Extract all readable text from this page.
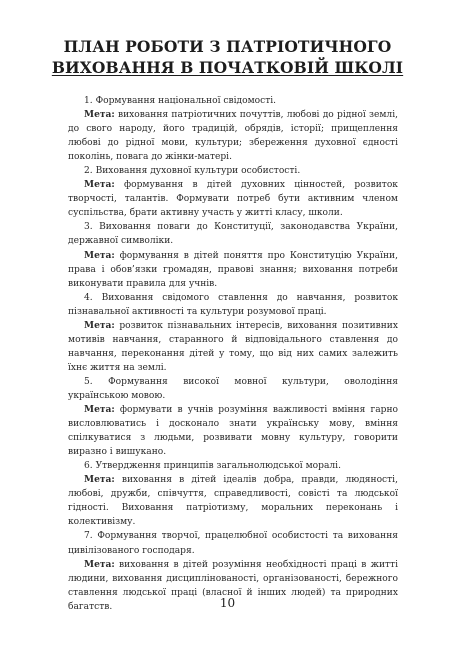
ПЛАН РОБОТИ З ПАТРІОТИЧНОГО
ВИХОВАННЯ В ПОЧАТКОВІЙ ШКОЛІ

1. Формування національної свідомості.

Мета: виховання патріотичних почуттів, любові до рідної землі, до свого народу, його традицій, обрядів, історії; прищеплення любові до рідної мови, культури; збереження духовної єдності поколінь, повага до жінки-матері.

2. Виховання духовної культури особистості.

Мета: формування в дітей духовних цінностей, розвиток творчості, талантів. Формувати потреб бути активним членом суспільства, брати активну участь у житті класу, школи.

3. Виховання поваги до Конституції, законодавства України, державної символіки.

Мета: формування в дітей поняття про Конституцію України, права і обов’язки громадян, правові знання; виховання потреби виконувати правила для учнів.

4. Виховання свідомого ставлення до навчання, розвиток пізнавальної активності та культури розумової праці.

Мета: розвиток пізнавальних інтересів, виховання позитивних мотивів навчання, старанного й відповідального ставлення до навчання, переконання дітей у тому, що від них самих залежить їхнє життя на землі.

5. Формування високої мовної культури, оволодіння українською мовою.

Мета: формувати в учнів розуміння важливості вміння гарно висловлюватись і досконало знати українську мову, вміння спілкуватися з людьми, розвивати мовну культуру, говорити виразно і вишукано.

6. Утвердження принципів загальнолюдської моралі.

Мета: виховання в дітей ідеалів добра, правди, людяності, любові, дружби, співчуття, справедливості, совісті та людської гідності. Виховання патріотизму, моральних переконань і колективізму.

7. Формування творчої, працелюбної особистості та виховання цивілізованого господаря.

Мета: виховання в дітей розуміння необхідності праці в житті людини, виховання дисциплінованості, організованості, бережного ставлення людської праці (власної й інших людей) та природних багатств.	10
